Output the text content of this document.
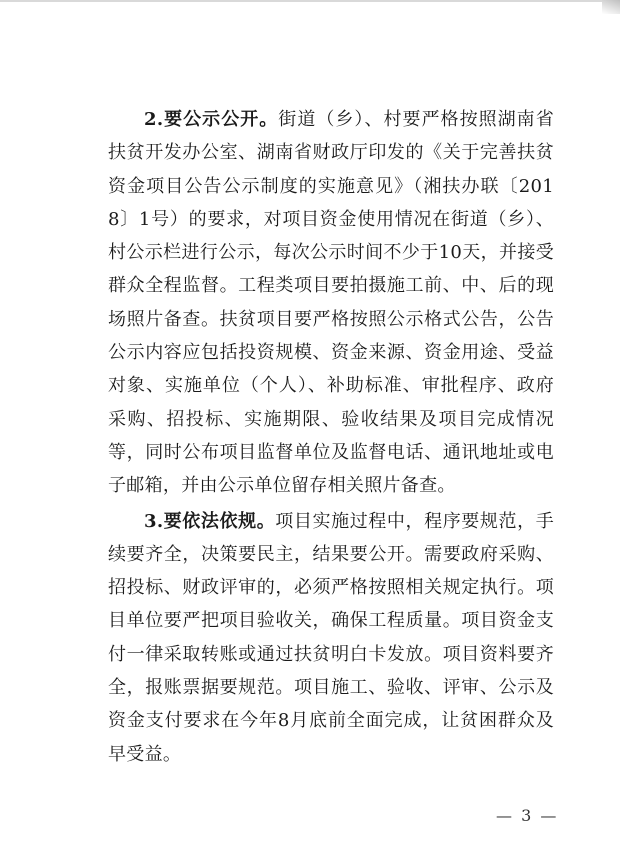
2.要公示公开。街道（乡）、村要严格按照湖南省扶贫开发办公室、湖南省财政厅印发的《关于完善扶贫资金项目公告公示制度的实施意见》（湘扶办联〔2018〕1号）的要求，对项目资金使用情况在街道（乡）、村公示栏进行公示，每次公示时间不少于10天，并接受群众全程监督。工程类项目要拍摄施工前、中、后的现场照片备查。扶贫项目要严格按照公示格式公告，公告公示内容应包括投资规模、资金来源、资金用途、受益对象、实施单位（个人）、补助标准、审批程序、政府采购、招投标、实施期限、验收结果及项目完成情况等，同时公布项目监督单位及监督电话、通讯地址或电子邮箱，并由公示单位留存相关照片备查。

3.要依法依规。项目实施过程中，程序要规范，手续要齐全，决策要民主，结果要公开。需要政府采购、招投标、财政评审的，必须严格按照相关规定执行。项目单位要严把项目验收关，确保工程质量。项目资金支付一律采取转账或通过扶贫明白卡发放。项目资料要齐全，报账票据要规范。项目施工、验收、评审、公示及资金支付要求在今年8月底前全面完成，让贫困群众及早受益。

— 3 —
